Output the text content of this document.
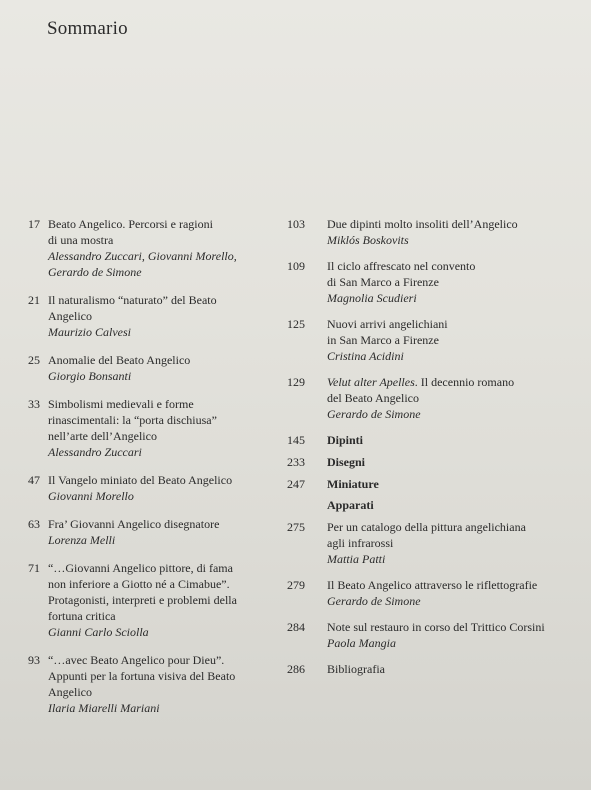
Sommario
17 Beato Angelico. Percorsi e ragioni
di una mostra
Alessandro Zuccari, Giovanni Morello,
Gerardo de Simone
21 Il naturalismo “naturato” del Beato
Angelico
Maurizio Calvesi
25 Anomalie del Beato Angelico
Giorgio Bonsanti
33 Simbolismi medievali e forme
rinascimentali: la “porta dischiusa”
nell’arte dell’Angelico
Alessandro Zuccari
47 Il Vangelo miniato del Beato Angelico
Giovanni Morello
63 Fra’ Giovanni Angelico disegnatore
Lorenza Melli
71 “…Giovanni Angelico pittore, di fama
non inferiore a Giotto né a Cimabue”.
Protagonisti, interpreti e problemi della
fortuna critica
Gianni Carlo Sciolla
93 “…avec Beato Angelico pour Dieu”.
Appunti per la fortuna visiva del Beato
Angelico
Ilaria Miarelli Mariani
103	Due dipinti molto insoliti dell’Angelico
Miklós Boskovits
109	Il ciclo affrescato nel convento
di San Marco a Firenze
Magnolia Scudieri
125	Nuovi arrivi angelichiani
in San Marco a Firenze
Cristina Acidini
129	Velut alter Apelles. Il decennio romano
del Beato Angelico
Gerardo de Simone
145	Dipinti
233	Disegni
247	Miniature
Apparati
275	Per un catalogo della pittura angelichiana
agli infrarossi
Mattia Patti
279	Il Beato Angelico attraverso le riflettografie
Gerardo de Simone
284	Note sul restauro in corso del Trittico Corsini
Paola Mangia
286	Bibliografia
